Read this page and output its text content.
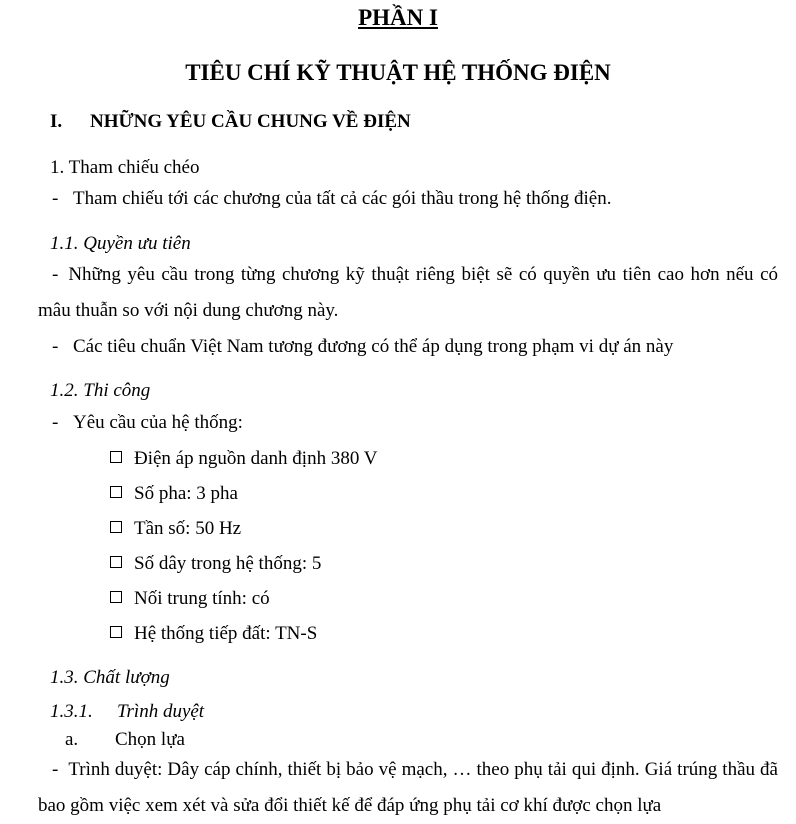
PHẦN I
TIÊU CHÍ KỸ THUẬT HỆ THỐNG ĐIỆN
I. NHỮNG YÊU CẦU CHUNG VỀ ĐIỆN
1. Tham chiếu chéo
- Tham chiếu tới các chương của tất cả các gói thầu trong hệ thống điện.
1.1. Quyền ưu tiên
- Những yêu cầu trong từng chương kỹ thuật riêng biệt sẽ có quyền ưu tiên cao hơn nếu có mâu thuẫn so với nội dung chương này.
- Các tiêu chuẩn Việt Nam tương đương có thể áp dụng trong phạm vi dự án này
1.2. Thi công
- Yêu cầu của hệ thống:
Điện áp nguồn danh định 380 V
Số pha: 3 pha
Tần số: 50 Hz
Số dây trong hệ thống: 5
Nối trung tính: có
Hệ thống tiếp đất: TN-S
1.3. Chất lượng
1.3.1. Trình duyệt
a. Chọn lựa
- Trình duyệt: Dây cáp chính, thiết bị bảo vệ mạch, … theo phụ tải qui định. Giá trúng thầu đã bao gồm việc xem xét và sửa đổi thiết kế để đáp ứng phụ tải cơ khí được chọn lựa
